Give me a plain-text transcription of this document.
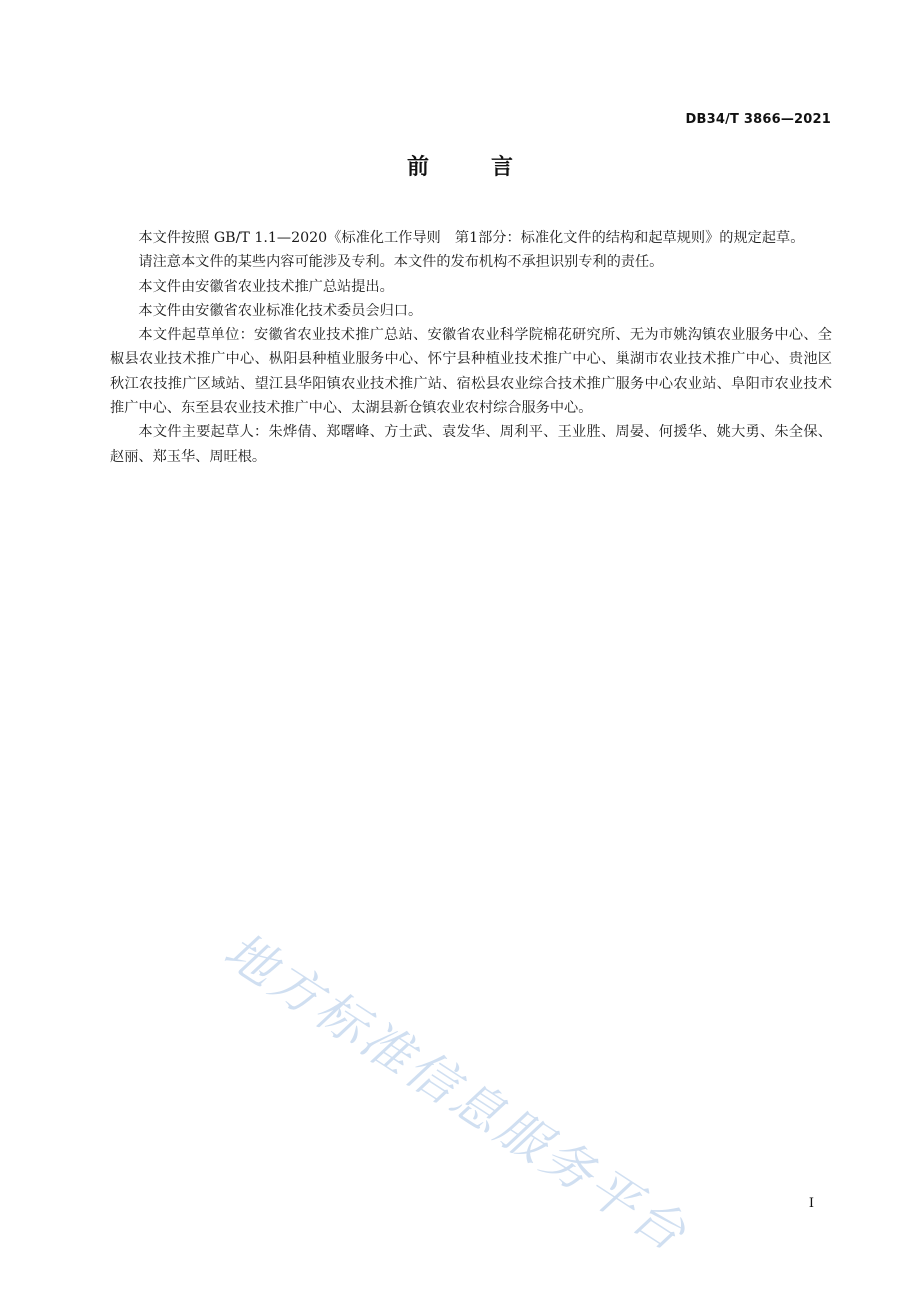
DB34/T 3866—2021
前言

本文件按照 GB/T 1.1—2020《标准化工作导则　第1部分：标准化文件的结构和起草规则》的规定起草。

请注意本文件的某些内容可能涉及专利。本文件的发布机构不承担识别专利的责任。

本文件由安徽省农业技术推广总站提出。

本文件由安徽省农业标准化技术委员会归口。

本文件起草单位：安徽省农业技术推广总站、安徽省农业科学院棉花研究所、无为市姚沟镇农业服务中心、全椒县农业技术推广中心、枞阳县种植业服务中心、怀宁县种植业技术推广中心、巢湖市农业技术推广中心、贵池区秋江农技推广区域站、望江县华阳镇农业技术推广站、宿松县农业综合技术推广服务中心农业站、阜阳市农业技术推广中心、东至县农业技术推广中心、太湖县新仓镇农业农村综合服务中心。

本文件主要起草人：朱烨倩、郑曙峰、方士武、袁发华、周利平、王业胜、周晏、何援华、姚大勇、朱全保、赵丽、郑玉华、周旺根。

地方标准信息服务平台	I
